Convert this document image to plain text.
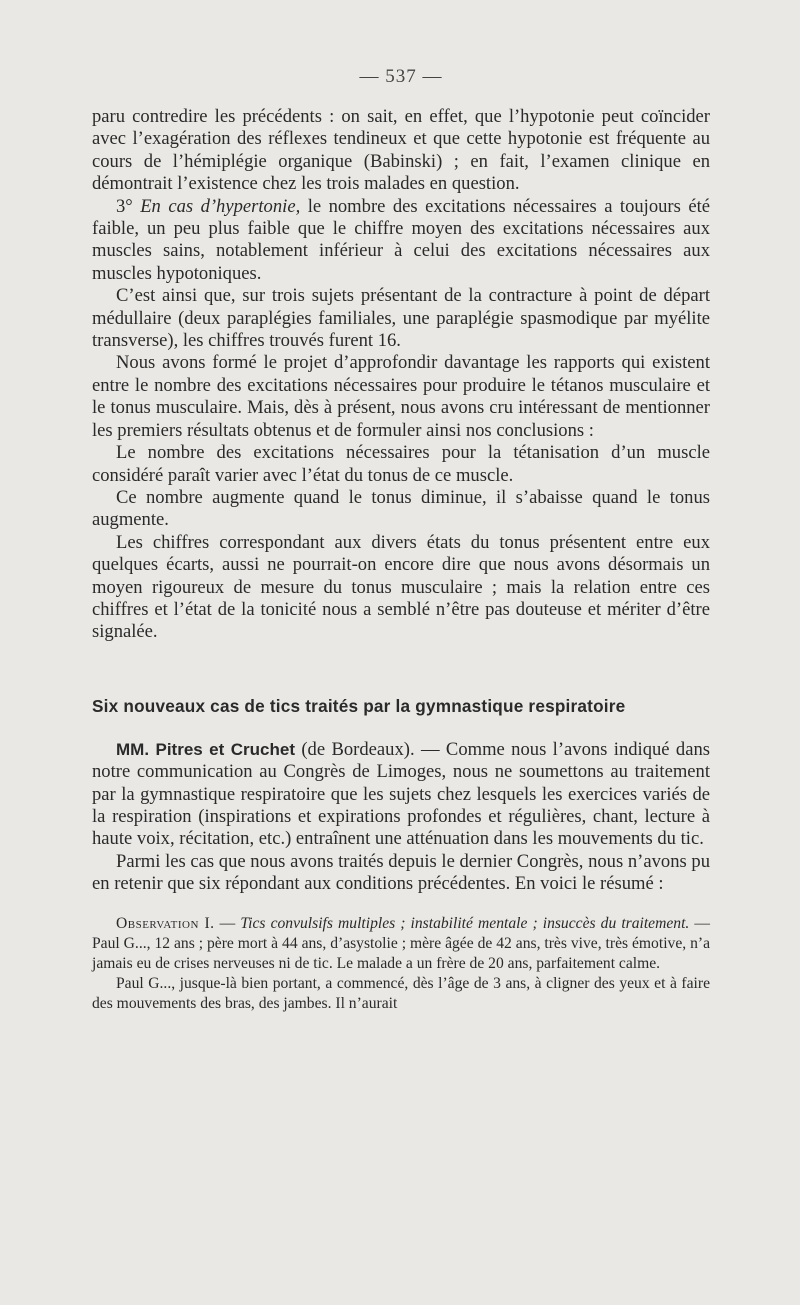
— 537 —

paru contredire les précédents : on sait, en effet, que l’hypotonie peut coïncider avec l’exagération des réflexes tendineux et que cette hypotonie est fréquente au cours de l’hémiplégie organique (Babinski) ; en fait, l’examen clinique en démontrait l’existence chez les trois malades en question.

3° En cas d’hypertonie, le nombre des excitations nécessaires a toujours été faible, un peu plus faible que le chiffre moyen des excitations nécessaires aux muscles sains, notablement inférieur à celui des excitations nécessaires aux muscles hypotoniques.

C’est ainsi que, sur trois sujets présentant de la contracture à point de départ médullaire (deux paraplégies familiales, une paraplégie spasmodique par myélite transverse), les chiffres trouvés furent 16.

Nous avons formé le projet d’approfondir davantage les rapports qui existent entre le nombre des excitations nécessaires pour produire le tétanos musculaire et le tonus musculaire. Mais, dès à présent, nous avons cru intéressant de mentionner les premiers résultats obtenus et de formuler ainsi nos conclusions :

Le nombre des excitations nécessaires pour la tétanisation d’un muscle considéré paraît varier avec l’état du tonus de ce muscle.

Ce nombre augmente quand le tonus diminue, il s’abaisse quand le tonus augmente.

Les chiffres correspondant aux divers états du tonus présentent entre eux quelques écarts, aussi ne pourrait-on encore dire que nous avons désormais un moyen rigoureux de mesure du tonus musculaire ; mais la relation entre ces chiffres et l’état de la tonicité nous a semblé n’être pas douteuse et mériter d’être signalée.

Six nouveaux cas de tics traités par la gymnastique respiratoire

MM. Pitres et Cruchet (de Bordeaux). — Comme nous l’avons indiqué dans notre communication au Congrès de Limoges, nous ne soumettons au traitement par la gymnastique respiratoire que les sujets chez lesquels les exercices variés de la respiration (inspirations et expirations profondes et régulières, chant, lecture à haute voix, récitation, etc.) entraînent une atténuation dans les mouvements du tic.

Parmi les cas que nous avons traités depuis le dernier Congrès, nous n’avons pu en retenir que six répondant aux conditions précédentes. En voici le résumé :

Observation I. — Tics convulsifs multiples ; instabilité mentale ; insuccès du traitement. — Paul G..., 12 ans ; père mort à 44 ans, d’asystolie ; mère âgée de 42 ans, très vive, très émotive, n’a jamais eu de crises nerveuses ni de tic. Le malade a un frère de 20 ans, parfaitement calme.

Paul G..., jusque-là bien portant, a commencé, dès l’âge de 3 ans, à cligner des yeux et à faire des mouvements des bras, des jambes. Il n’aurait
